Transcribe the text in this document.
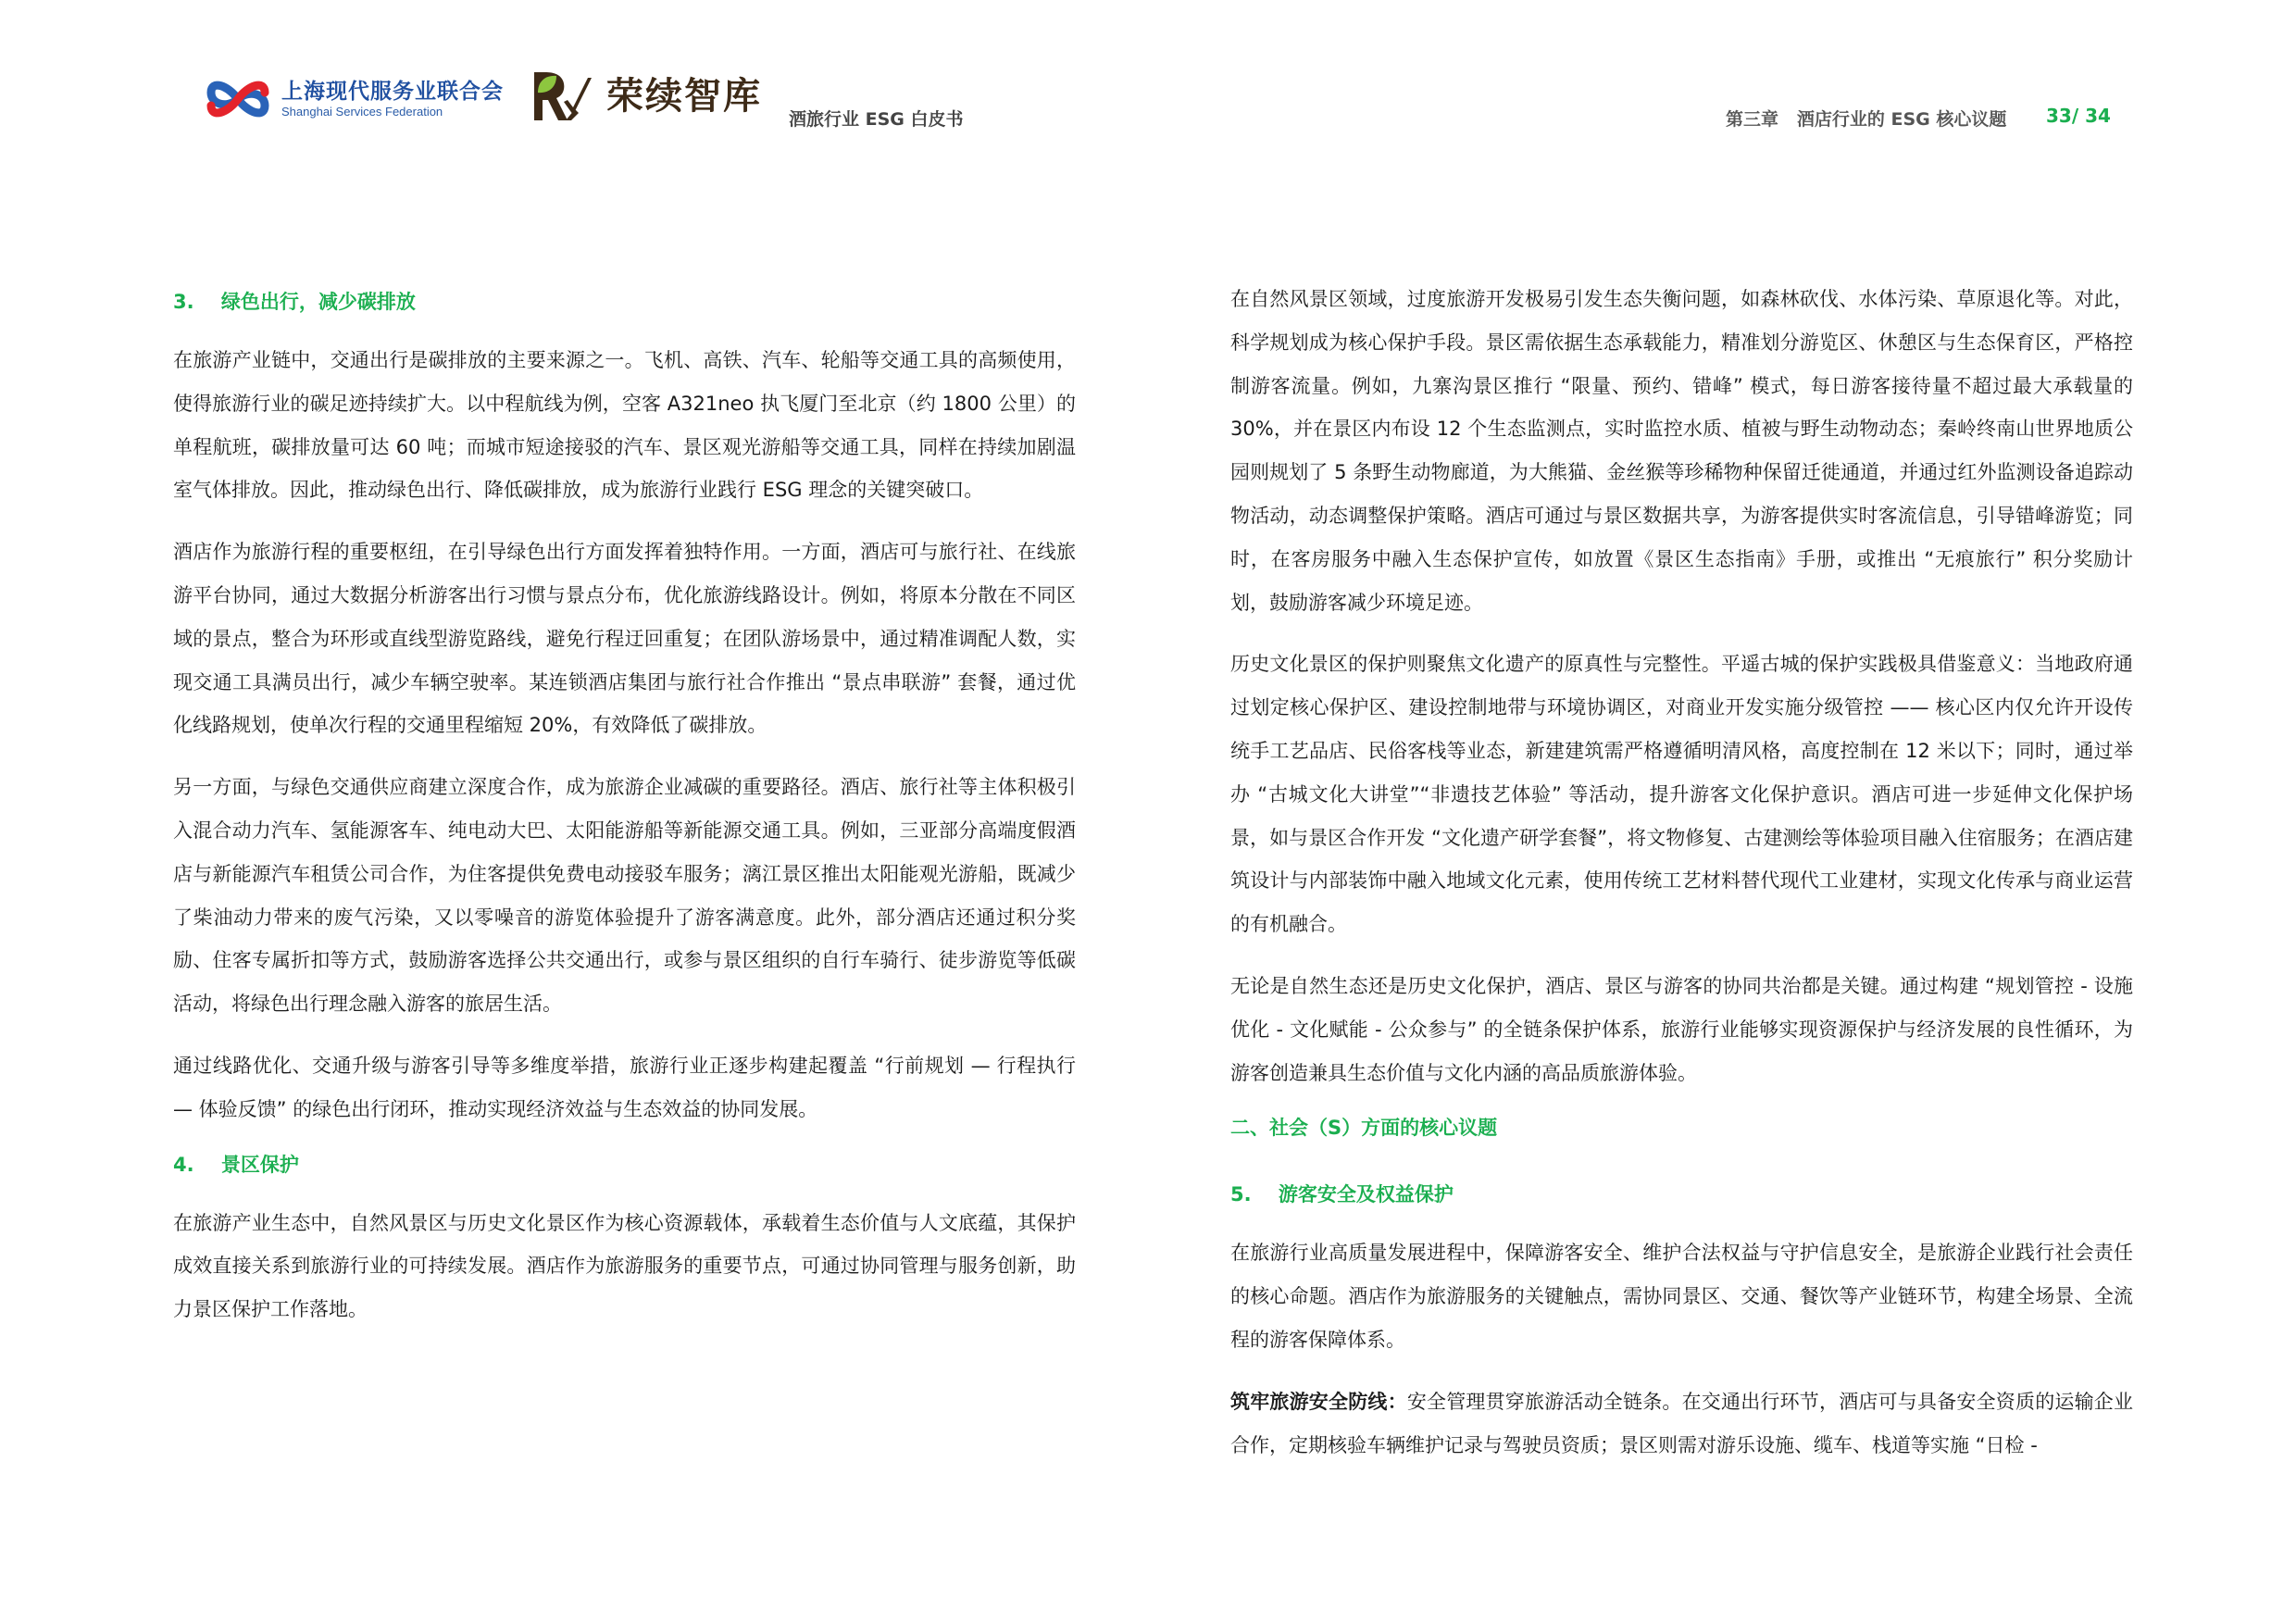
上海现代服务业联合会
Shanghai Services Federation	荣续智库
酒旅行业 ESG 白皮书	第三章   酒店行业的 ESG 核心议题 33/ 34

3.    绿色出行，减少碳排放

在旅游产业链中，交通出行是碳排放的主要来源之一。飞机、高铁、汽车、轮船等交通工具的高频使用，使得旅游行业的碳足迹持续扩大。以中程航线为例，空客 A321neo 执飞厦门至北京（约 1800 公里）的单程航班，碳排放量可达 60 吨；而城市短途接驳的汽车、景区观光游船等交通工具，同样在持续加剧温室气体排放。因此，推动绿色出行、降低碳排放，成为旅游行业践行 ESG 理念的关键突破口。

酒店作为旅游行程的重要枢纽，在引导绿色出行方面发挥着独特作用。一方面，酒店可与旅行社、在线旅游平台协同，通过大数据分析游客出行习惯与景点分布，优化旅游线路设计。例如，将原本分散在不同区域的景点，整合为环形或直线型游览路线，避免行程迂回重复；在团队游场景中，通过精准调配人数，实现交通工具满员出行，减少车辆空驶率。某连锁酒店集团与旅行社合作推出 “景点串联游” 套餐，通过优化线路规划，使单次行程的交通里程缩短 20%，有效降低了碳排放。

另一方面，与绿色交通供应商建立深度合作，成为旅游企业减碳的重要路径。酒店、旅行社等主体积极引入混合动力汽车、氢能源客车、纯电动大巴、太阳能游船等新能源交通工具。例如，三亚部分高端度假酒店与新能源汽车租赁公司合作，为住客提供免费电动接驳车服务；漓江景区推出太阳能观光游船，既减少了柴油动力带来的废气污染，又以零噪音的游览体验提升了游客满意度。此外，部分酒店还通过积分奖励、住客专属折扣等方式，鼓励游客选择公共交通出行，或参与景区组织的自行车骑行、徒步游览等低碳活动，将绿色出行理念融入游客的旅居生活。

通过线路优化、交通升级与游客引导等多维度举措，旅游行业正逐步构建起覆盖 “行前规划 — 行程执行 — 体验反馈” 的绿色出行闭环，推动实现经济效益与生态效益的协同发展。

4.    景区保护

在旅游产业生态中，自然风景区与历史文化景区作为核心资源载体，承载着生态价值与人文底蕴，其保护成效直接关系到旅游行业的可持续发展。酒店作为旅游服务的重要节点，可通过协同管理与服务创新，助力景区保护工作落地。

在自然风景区领域，过度旅游开发极易引发生态失衡问题，如森林砍伐、水体污染、草原退化等。对此，科学规划成为核心保护手段。景区需依据生态承载能力，精准划分游览区、休憩区与生态保育区，严格控制游客流量。例如，九寨沟景区推行 “限量、预约、错峰” 模式，每日游客接待量不超过最大承载量的 30%，并在景区内布设 12 个生态监测点，实时监控水质、植被与野生动物动态；秦岭终南山世界地质公园则规划了 5 条野生动物廊道，为大熊猫、金丝猴等珍稀物种保留迁徙通道，并通过红外监测设备追踪动物活动，动态调整保护策略。酒店可通过与景区数据共享，为游客提供实时客流信息，引导错峰游览；同时，在客房服务中融入生态保护宣传，如放置《景区生态指南》手册，或推出 “无痕旅行” 积分奖励计划，鼓励游客减少环境足迹。

历史文化景区的保护则聚焦文化遗产的原真性与完整性。平遥古城的保护实践极具借鉴意义：当地政府通过划定核心保护区、建设控制地带与环境协调区，对商业开发实施分级管控 —— 核心区内仅允许开设传统手工艺品店、民俗客栈等业态，新建建筑需严格遵循明清风格，高度控制在 12 米以下；同时，通过举办 “古城文化大讲堂”“非遗技艺体验” 等活动，提升游客文化保护意识。酒店可进一步延伸文化保护场景，如与景区合作开发 “文化遗产研学套餐”，将文物修复、古建测绘等体验项目融入住宿服务；在酒店建筑设计与内部装饰中融入地域文化元素，使用传统工艺材料替代现代工业建材，实现文化传承与商业运营的有机融合。

无论是自然生态还是历史文化保护，酒店、景区与游客的协同共治都是关键。通过构建 “规划管控 - 设施优化 - 文化赋能 - 公众参与” 的全链条保护体系，旅游行业能够实现资源保护与经济发展的良性循环，为游客创造兼具生态价值与文化内涵的高品质旅游体验。

二、社会（S）方面的核心议题

5.    游客安全及权益保护

在旅游行业高质量发展进程中，保障游客安全、维护合法权益与守护信息安全，是旅游企业践行社会责任的核心命题。酒店作为旅游服务的关键触点，需协同景区、交通、餐饮等产业链环节，构建全场景、全流程的游客保障体系。

筑牢旅游安全防线：安全管理贯穿旅游活动全链条。在交通出行环节，酒店可与具备安全资质的运输企业合作，定期核验车辆维护记录与驾驶员资质；景区则需对游乐设施、缆车、栈道等实施 “日检 -
